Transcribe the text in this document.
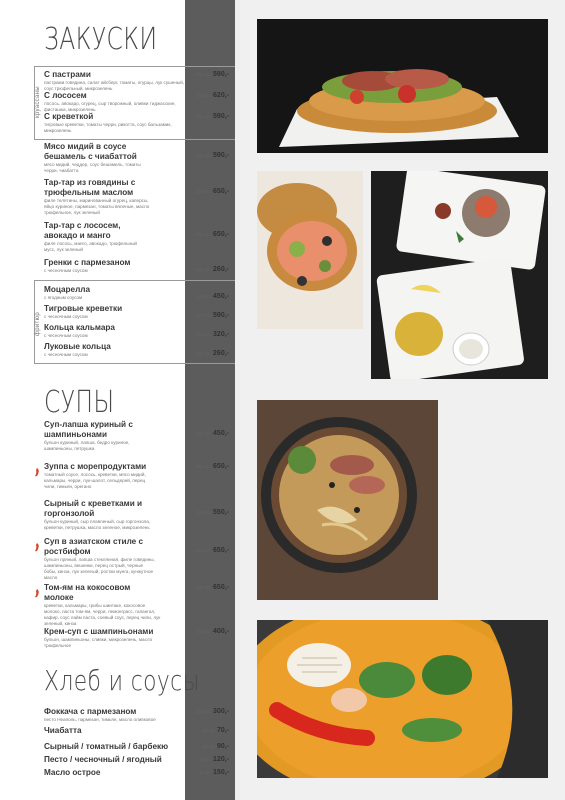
ЗАКУСКИ
СУПЫ
Хлеб и соусы
круассаны
фритюр
С пастрами
пастрами говядина, салат айсберг, томаты, огурцы, лук сушеный, соус трюфельный, микрозелень
220 гр. 590,-
С лососем
лосось, авокадо, огурец, сыр творожный, оливки тиджасские, фисташка, микрозелень
180 гр. 620,-
С креветкой
тигровые креветки, томаты черри, рикотта, соус бальзамик, микрозелень
150 гр. 590,-
Мясо мидий в соусе бешамель с чиабаттой
мясо мидий, чеддер, соус бешамель, томаты черри, чиабатта
260 гр. 590,-
Тар-тар из говядины с трюфельным маслом
филе телятины, маринованный огурец, каперсы, яйцо куриное, пармезан, томаты вяленые, масло трюфельное, лук зеленый
200 гр. 650,-
Тар-тар с лососем, авокадо и манго
филе лосось, манго, авокадо, трюфельный мусс, лук зеленый
130 гр. 650,-
Гренки с пармезаном
с чесночным соусом	120 гр. 260,-
Моцарелла
с ягодным соусом	170 гр. 450,-
Тигровые креветки
с чесночным соусом	170 гр. 590,-
Кольца кальмара
с чесночным соусом	150 гр. 320,-
Луковые кольца
с чесночным соусом	120 гр. 260,-
Суп-лапша куриный с шампиньонами
бульон куриный, лапша, бедро куриное, шампиньоны, петрушка
400 гр. 450,-
Зуппа с морепродуктами
томатный соусе, лосось, креветки, мясо мидий, кальмары, черри, лук-шалот, сельдерей, перец чили, тимьян, орегано
400 гр. 650,-
Сырный с креветками и горгонзолой
бульон куриный, сыр плавленый, сыр горгонзола, креветки, петрушка, масло зеленое, микрозелень
270 гр. 550,-
Суп в азиатском стиле с ростбифом
бульон пряный, лапша стеклянная, филе говядины, шампиньоны, вешенки, перец острый, черные бобы, кинза, лук зеленый, ростки мунга, кунжутное масло
620 гр. 650,-
Том-ям на кокосовом молоке
креветки, кальмары, грибы шиитаке, кокосовое молоко, паста том-ям, черри, лемонграсс, галангал, кафир, соус лайм паста, соевый соус, перец чили, лук зеленый, кинза
400 гр. 650,-
Крем-суп с шампиньонами
бульон, шампиньоны, сливки, микрозелень, масло трюфельное
330 гр. 400,-
Фоккача с пармезаном
песто Неаполь, пармезан, тимьян, масло оливковое
230 гр. 300,-
Чиабатта	50 гр. 70,-
Сырный / томатный / барбекю	30 гр. 90,-
Песто / чесночный / ягодный	30 гр. 120,-
Масло острое	30 гр. 150,-
